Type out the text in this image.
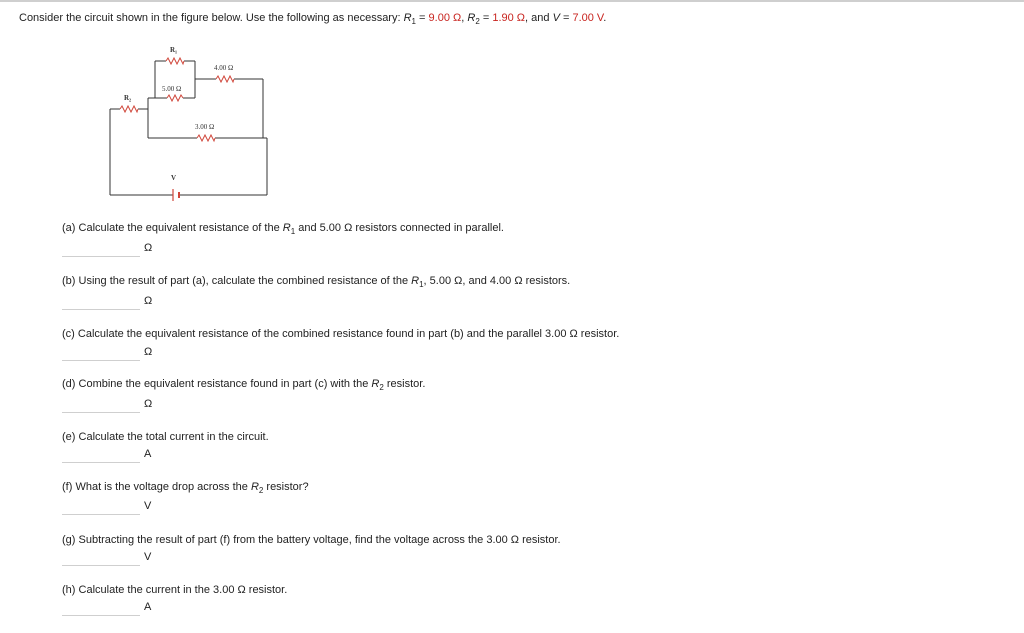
Consider the circuit shown in the figure below. Use the following as necessary: $R_1 = 9.00$ Ω, $R_2 = 1.90$ Ω, and V = 7.00 V.
R₁
4.00 Ω
5.00 Ω
R₂
3.00 Ω
V
(a) Calculate the equivalent resistance of the $R_1$ and 5.00 Ω resistors connected in parallel.
Ω
(b) Using the result of part (a), calculate the combined resistance of the $R_1$, 5.00 Ω, and 4.00 Ω resistors.
Ω
(c) Calculate the equivalent resistance of the combined resistance found in part (b) and the parallel 3.00 Ω resistor.
Ω
(d) Combine the equivalent resistance found in part (c) with the $R_2$ resistor.
Ω
(e) Calculate the total current in the circuit.
A
(f) What is the voltage drop across the $R_2$ resistor?
V
(g) Subtracting the result of part (f) from the battery voltage, find the voltage across the 3.00 Ω resistor.
V
(h) Calculate the current in the 3.00 Ω resistor.
A
